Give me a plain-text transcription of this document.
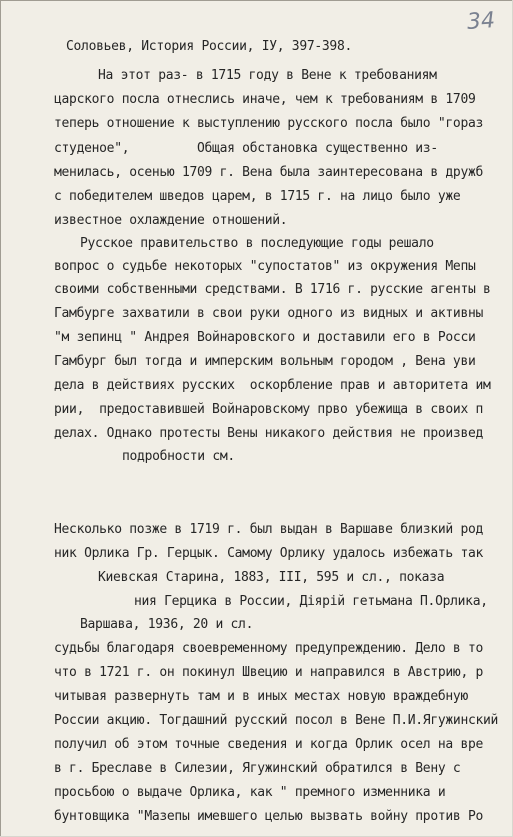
34
Соловьев, История России, IУ, 397-398.
На этот раз- в 1715 году в Вене к требованиям
царского посла отнеслись иначе, чем к требованиям в 1709
теперь отношение к выступлению русского посла было "гораз
студеное",         Общая обстановка существенно из-
менилась, осенью 1709 г. Вена была заинтересована в дружб
с победителем шведов царем, в 1715 г. на лицо было уже
известное охлаждение отношений.
Русское правительство в последующие годы решало
вопрос о судьбе некоторых "супостатов" из окружения Мепы
своими собственными средствами. В 1716 г. русские агенты в
Гамбурге захватили в свои руки одного из видных и активны
"м зепинц " Андрея Войнаровского и доставили его в Росси
Гамбург был тогда и имперским вольным городом , Вена уви
дела в действиях русских  оскорбление прав и авторитета им
рии,  предоставившей Войнаровскому прво убежища в своих п
делах. Однако протесты Вены никакого действия не произвед
подробности см.
Несколько позже в 1719 г. был выдан в Варшаве близкий род
ник Орлика Гр. Герцык. Самому Орлику удалось избежать так
Киевская Старина, 1883, III, 595 и сл., показа
ния Герцика в России, Дiярiй гетьмана П.Орлика,
Варшава, 1936, 20 и сл.
судьбы благодаря своевременному предупреждению. Дело в то
что в 1721 г. он покинул Швецию и направился в Австрию, р
читывая развернуть там и в иных местах новую враждебную
России акцию. Тогдашний русский посол в Вене П.И.Ягужинский
получил об этом точные сведения и когда Орлик осел на вре
в г. Бреславе в Силезии, Ягужинский обратился в Вену с
просьбою о выдаче Орлика, как " премного изменника и
бунтовщика "Мазепы имевшего целью вызвать войну против Ро
